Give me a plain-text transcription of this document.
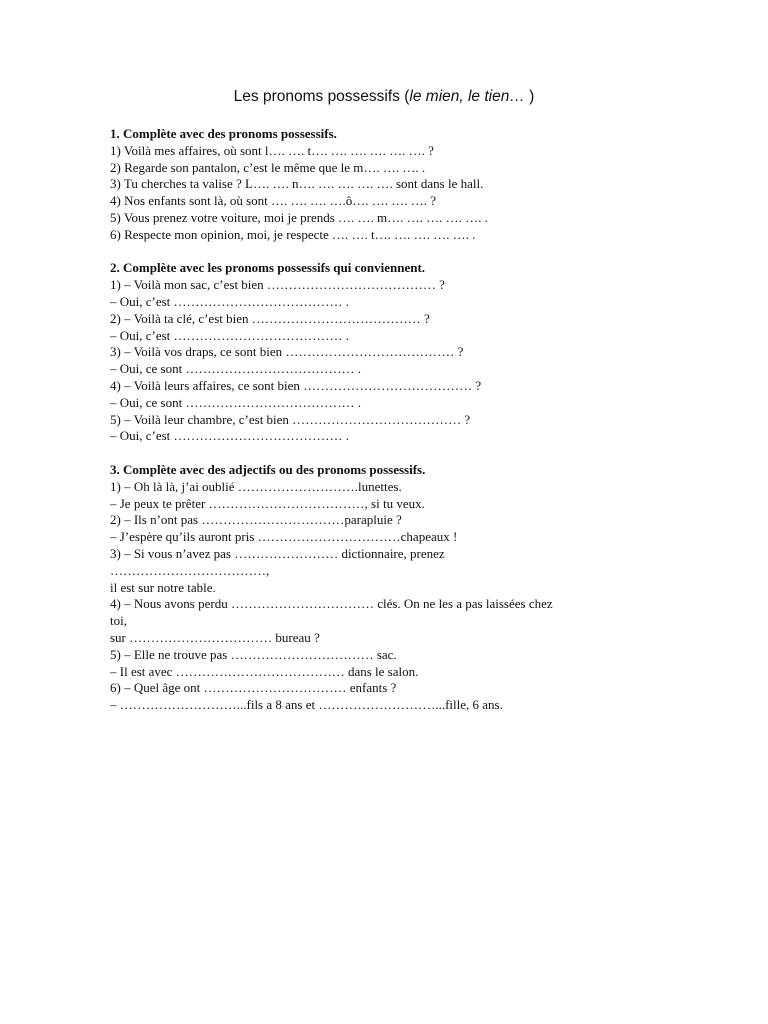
Les pronoms possessifs (le mien, le tien… )
1. Complète avec des pronoms possessifs.
1) Voilà mes affaires, où sont l…. …. t…. …. …. …. …. …. ?
2) Regarde son pantalon, c’est le même que le m…. …. …. .
3) Tu cherches ta valise ? L…. …. n…. …. …. …. …. sont dans le hall.
4) Nos enfants sont là, où sont …. …. …. ….ô…. …. …. …. ?
5) Vous prenez votre voiture, moi je prends …. …. m…. …. …. …. …. .
6) Respecte mon opinion, moi, je respecte …. …. t…. …. …. …. …. .
2. Complète avec les pronoms possessifs qui conviennent.
1) – Voilà mon sac, c’est bien ………………………………… ?
– Oui, c’est ………………………………… .
2) – Voilà ta clé, c’est bien ………………………………… ?
– Oui, c’est ………………………………… .
3) – Voilà vos draps, ce sont bien ………………………………… ?
– Oui, ce sont ………………………………… .
4) – Voilà leurs affaires, ce sont bien ………………………………… ?
– Oui, ce sont ………………………………… .
5) – Voilà leur chambre, c’est bien ………………………………… ?
– Oui, c’est ………………………………… .
3. Complète avec des adjectifs ou des pronoms possessifs.
1) – Oh là là, j’ai oublié ……………………….lunettes.
– Je peux te prêter ………………………………, si tu veux.
2) – Ils n’ont pas ……………………………parapluie ?
– J’espère qu’ils auront pris ……………………………chapeaux !
3) – Si vous n’avez pas …………………… dictionnaire, prenez
………………………………,
il est sur notre table.
4) – Nous avons perdu …………………………… clés. On ne les a pas laissées chez
toi,
sur …………………………… bureau ?
5) – Elle ne trouve pas …………………………… sac.
– Il est avec ………………………………… dans le salon.
6) – Quel âge ont …………………………… enfants ?
– ………………………...fils a 8 ans et ………………………...fille, 6 ans.
